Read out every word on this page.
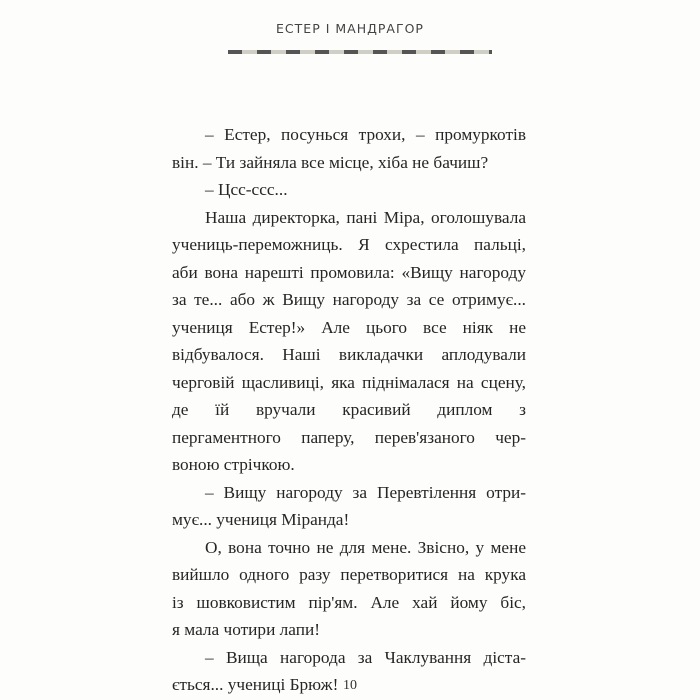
ЕСТЕР І МАНДРАГОР
– Естер, посунься трохи, – промуркотів
він. – Ти зайняла все місце, хіба не бачиш?
– Цсс-ссс...
Наша директорка, пані Міра, оголошувала
учениць-переможниць. Я схрестила пальці,
аби вона нарешті промовила: «Вищу нагороду
за те... або ж Вищу нагороду за се отримує...
учениця Естер!» Але цього все ніяк не
відбувалося. Наші викладачки аплодували
черговій щасливиці, яка піднімалася на сцену,
де їй вручали красивий диплом з
пергаментного паперу, перев'язаного чер-
воною стрічкою.
– Вищу нагороду за Перевтілення отри-
мує... учениця Міранда!
О, вона точно не для мене. Звісно, у мене
вийшло одного разу перетворитися на крука
із шовковистим пір'ям. Але хай йому біс,
я мала чотири лапи!
– Вища нагорода за Чаклування діста-
ється... учениці Брюж! 10
